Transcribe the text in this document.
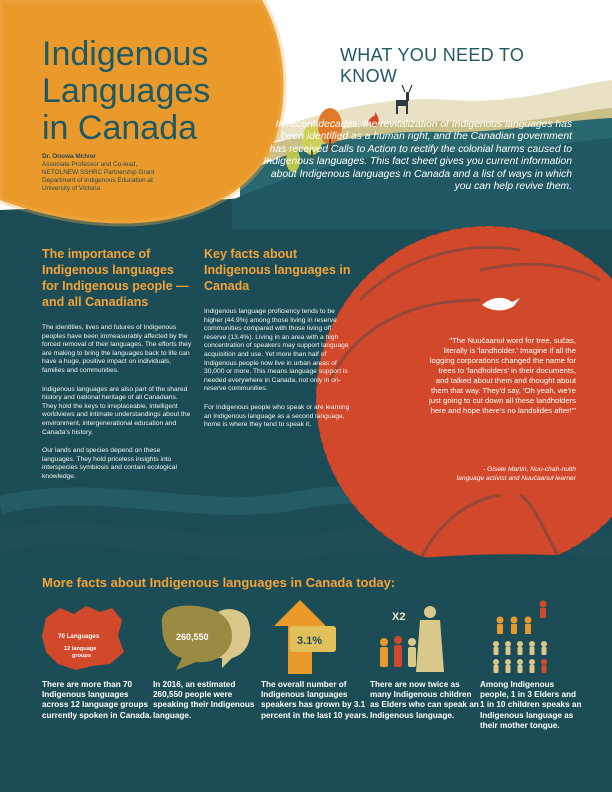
Indigenous
Languages
in Canada
Dr. Onowa McIvor
Associate Professor and Co-lead,
NETOLNEW SSHRC Partnership Grant
Department of Indigenous Education at
University of Victoria
WHAT YOU NEED TO KNOW
In recent decades, the revitalization of Indigenous languages has been identified as a human right, and the Canadian government has received Calls to Action to rectify the colonial harms caused to Indigenous languages. This fact sheet gives you current information about Indigenous languages in Canada and a list of ways in which you can help revive them.
The importance of Indigenous languages for Indigenous people —and all Canadians

The identities, lives and futures of Indigenous peoples have been immeasurably affected by the forced removal of their languages. The efforts they are making to bring the languages back to life can have a huge, positive impact on individuals, families and communities.

Indigenous languages are also part of the shared history and national heritage of all Canadians. They hold the keys to irreplaceable, intelligent worldviews and intimate understandings about the environment, intergenerational education and Canada's history.

Our lands and species depend on these languages. They hold priceless insights into interspecies symbiosis and contain ecological knowledge.

Key facts about Indigenous languages in Canada

Indigenous language proficiency tends to be higher (44.9%) among those living in reserve communities compared with those living off reserve (13.4%). Living in an area with a high concentration of speakers may support language acquisition and use. Yet more than half of Indigenous people now live in urban areas of 30,000 or more. This means language support is needed everywhere in Canada, not only in on-reserve communities.

For Indigenous people who speak or are learning an Indigenous language as a second language, home is where they tend to speak it.

"The Nuučaanuł word for tree, sučas, literally is 'landholder.' Imagine if all the logging corporations changed the name for trees to 'landholders' in their documents, and talked about them and thought about them that way. They'd say, 'Oh yeah, we're just going to cut down all these landholders here and hope there's no landslides after!'"
- Gisele Martin, Nuu-chah-nulth
language activist and Nuučaanuł learner
More facts about Indigenous languages in Canada today:
70 Languages
12 language
groups
260,550	3.1%
X2
There are more than 70 Indigenous languages across 12 language groups currently spoken in Canada.
In 2016, an estimated 260,550 people were speaking their Indigenous language.
The overall number of Indigenous languages speakers has grown by 3.1 percent in the last 10 years.
There are now twice as many Indigenous children as Elders who can speak an Indigenous language.
Among Indigenous people, 1 in 3 Elders and 1 in 10 children speaks an Indigenous language as their mother tongue.
